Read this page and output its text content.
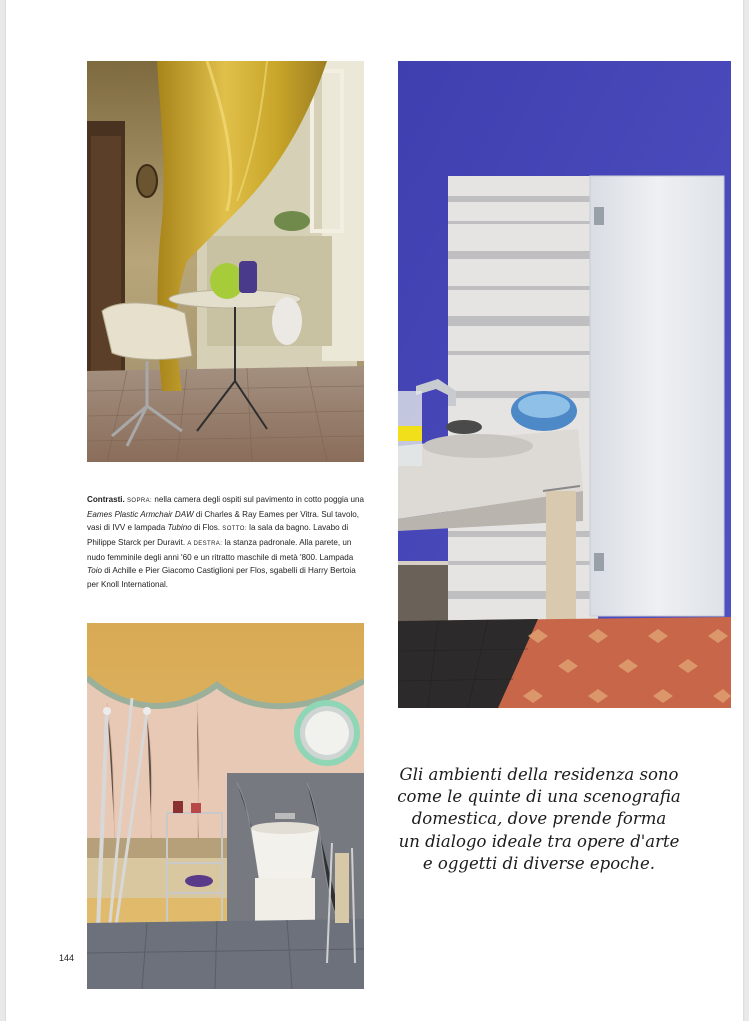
Contrasti. SOPRA: nella camera degli ospiti sul pavimento in cotto poggia una Eames Plastic Armchair DAW di Charles & Ray Eames per Vitra. Sul tavolo, vasi di IVV e lampada Tubino di Flos. SOTTO: la sala da bagno. Lavabo di Philippe Starck per Duravit. A DESTRA: la stanza padronale. Alla parete, un nudo femminile degli anni '60 e un ritratto maschile di metà '800. Lampada Toio di Achille e Pier Giacomo Castiglioni per Flos, sgabelli di Harry Bertoia per Knoll International.
Gli ambienti della residenza sono
come le quinte di una scenografia
domestica, dove prende forma
un dialogo ideale tra opere d'arte
e oggetti di diverse epoche.
144
